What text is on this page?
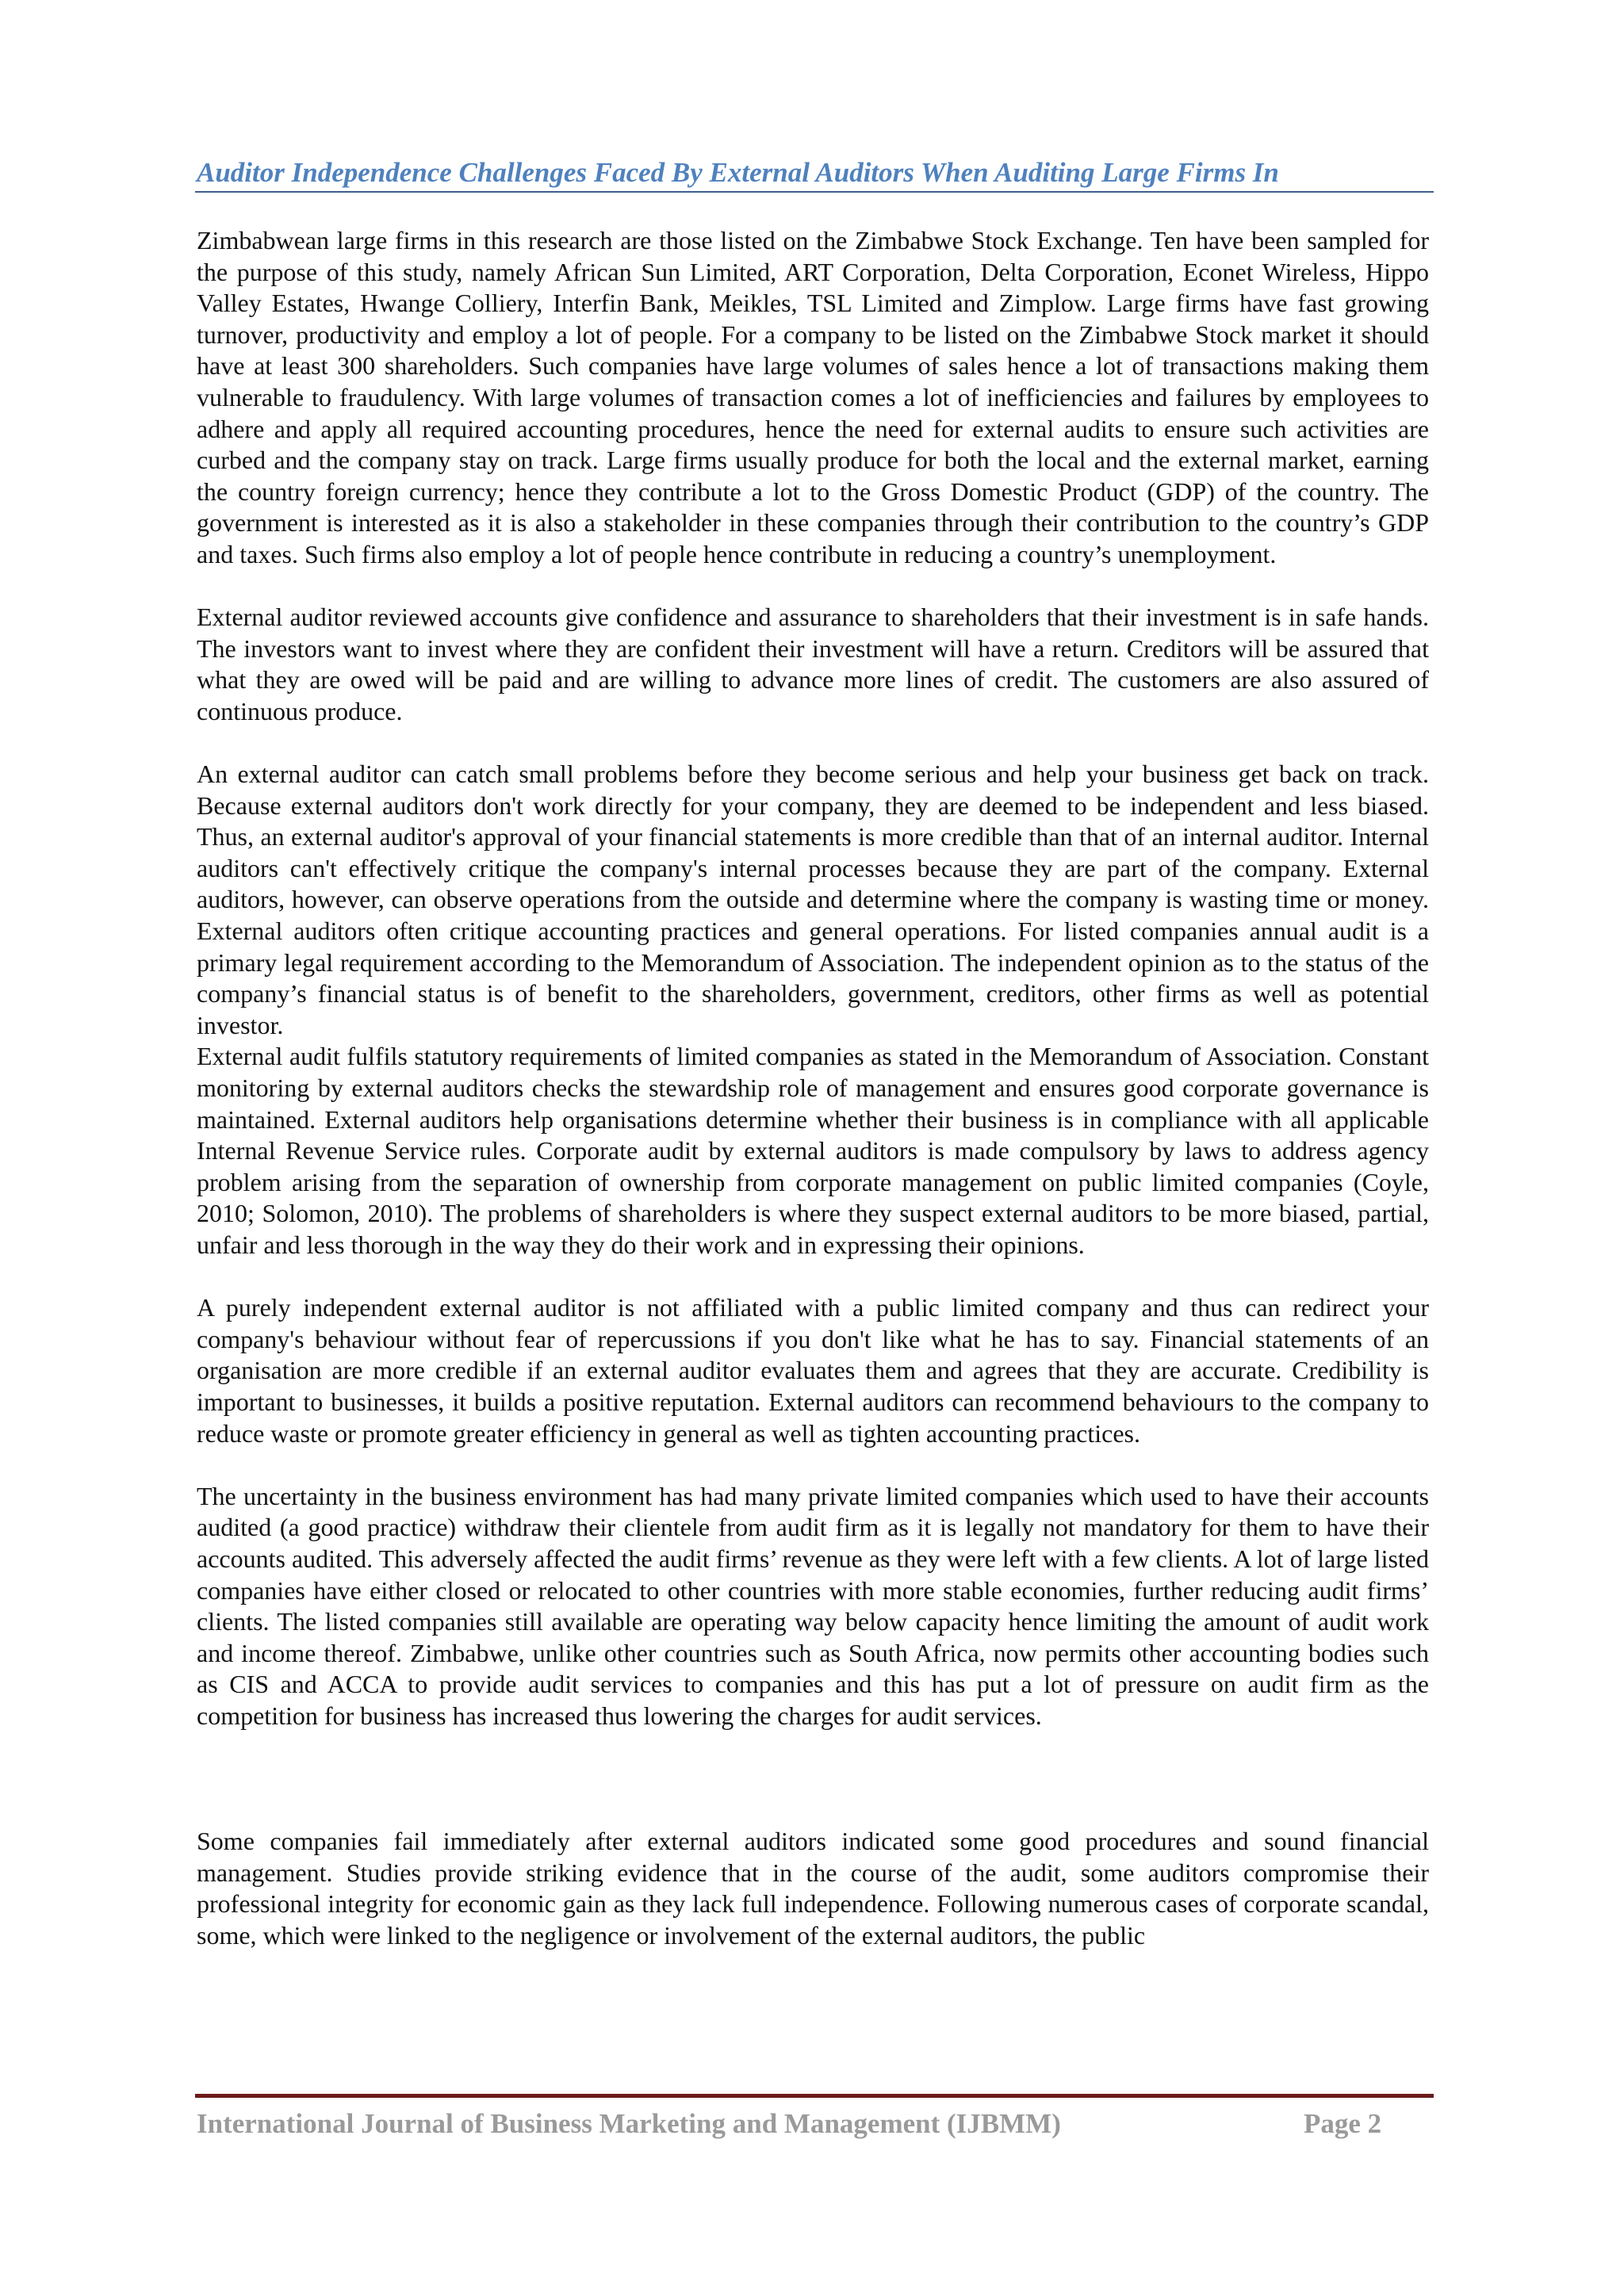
Auditor Independence Challenges Faced By External Auditors When Auditing Large Firms In

Zimbabwean large firms in this research are those listed on the Zimbabwe Stock Exchange. Ten have been sampled for the purpose of this study, namely African Sun Limited, ART Corporation, Delta Corporation, Econet Wireless, Hippo Valley Estates, Hwange Colliery, Interfin Bank, Meikles, TSL Limited and Zimplow. Large firms have fast growing turnover, productivity and employ a lot of people. For a company to be listed on the Zimbabwe Stock market it should have at least 300 shareholders. Such companies have large volumes of sales hence a lot of transactions making them vulnerable to fraudulency. With large volumes of transaction comes a lot of inefficiencies and failures by employees to adhere and apply all required accounting procedures, hence the need for external audits to ensure such activities are curbed and the company stay on track. Large firms usually produce for both the local and the external market, earning the country foreign currency; hence they contribute a lot to the Gross Domestic Product (GDP) of the country. The government is interested as it is also a stakeholder in these companies through their contribution to the country’s GDP and taxes. Such firms also employ a lot of people hence contribute in reducing a country’s unemployment.

External auditor reviewed accounts give confidence and assurance to shareholders that their investment is in safe hands. The investors want to invest where they are confident their investment will have a return. Creditors will be assured that what they are owed will be paid and are willing to advance more lines of credit. The customers are also assured of continuous produce.

An external auditor can catch small problems before they become serious and help your business get back on track. Because external auditors don't work directly for your company, they are deemed to be independent and less biased. Thus, an external auditor's approval of your financial statements is more credible than that of an internal auditor. Internal auditors can't effectively critique the company's internal processes because they are part of the company. External auditors, however, can observe operations from the outside and determine where the company is wasting time or money. External auditors often critique accounting practices and general operations. For listed companies annual audit is a primary legal requirement according to the Memorandum of Association. The independent opinion as to the status of the company’s financial status is of benefit to the shareholders, government, creditors, other firms as well as potential investor.

External audit fulfils statutory requirements of limited companies as stated in the Memorandum of Association. Constant monitoring by external auditors checks the stewardship role of management and ensures good corporate governance is maintained. External auditors help organisations determine whether their business is in compliance with all applicable Internal Revenue Service rules. Corporate audit by external auditors is made compulsory by laws to address agency problem arising from the separation of ownership from corporate management on public limited companies (Coyle, 2010; Solomon, 2010). The problems of shareholders is where they suspect external auditors to be more biased, partial, unfair and less thorough in the way they do their work and in expressing their opinions.

A purely independent external auditor is not affiliated with a public limited company and thus can redirect your company's behaviour without fear of repercussions if you don't like what he has to say. Financial statements of an organisation are more credible if an external auditor evaluates them and agrees that they are accurate. Credibility is important to businesses, it builds a positive reputation. External auditors can recommend behaviours to the company to reduce waste or promote greater efficiency in general as well as tighten accounting practices.

The uncertainty in the business environment has had many private limited companies which used to have their accounts audited (a good practice) withdraw their clientele from audit firm as it is legally not mandatory for them to have their accounts audited. This adversely affected the audit firms’ revenue as they were left with a few clients. A lot of large listed companies have either closed or relocated to other countries with more stable economies, further reducing audit firms’ clients. The listed companies still available are operating way below capacity hence limiting the amount of audit work and income thereof. Zimbabwe, unlike other countries such as South Africa, now permits other accounting bodies such as CIS and ACCA to provide audit services to companies and this has put a lot of pressure on audit firm as the competition for business has increased thus lowering the charges for audit services.

Some companies fail immediately after external auditors indicated some good procedures and sound financial management. Studies provide striking evidence that in the course of the audit, some auditors compromise their professional integrity for economic gain as they lack full independence. Following numerous cases of corporate scandal, some, which were linked to the negligence or involvement of the external auditors, the public

International Journal of Business Marketing and Management (IJBMM)	Page 2
